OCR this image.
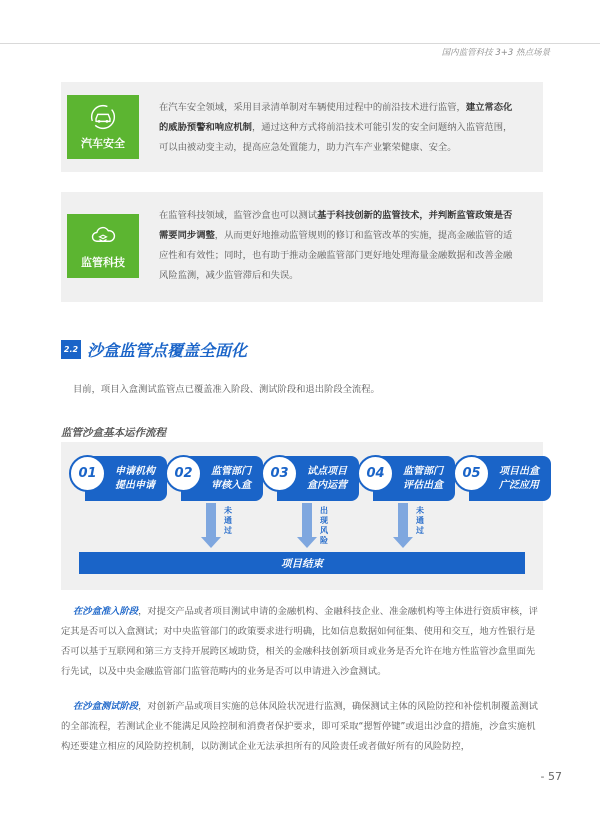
国内监管科技 3+3 热点场景
汽车安全
在汽车安全领域，采用目录清单制对车辆使用过程中的前沿技术进行监管，建立常态化
的威胁预警和响应机制，通过这种方式将前沿技术可能引发的安全问题纳入监管范围，
可以由被动变主动，提高应急处置能力，助力汽车产业繁荣健康、安全。
监管科技
在监管科技领域，监管沙盒也可以测试基于科技创新的监管技术，并判断监管政策是否
需要同步调整，从而更好地推动监管规则的修订和监管改革的实施，提高金融监管的适
应性和有效性；同时，也有助于推动金融监管部门更好地处理海量金融数据和改善金融
风险监测，减少监管滞后和失误。
2.2 沙盒监管点覆盖全面化
目前，项目入盒测试监管点已覆盖准入阶段、测试阶段和退出阶段全流程。
监管沙盒基本运作流程
01	申请机构
提出申请
02	监管部门
审核入盒
03	试点项目
盒内运营
04	监管部门
评估出盒
05	项目出盒
广泛应用
未通过
出现风险
未通过
项目结束
在沙盒准入阶段，对提交产品或者项目测试申请的金融机构、金融科技企业、准金融机构等主体进行资质审核，评定其是否可以入盒测试；对中央监管部门的政策要求进行明确，比如信息数据如何征集、使用和交互，地方性银行是否可以基于互联网和第三方支持开展跨区域助贷，相关的金融科技创新项目或业务是否允许在地方性监管沙盒里面先行先试，以及中央金融监管部门监管范畴内的业务是否可以申请进入沙盒测试。
在沙盒测试阶段，对创新产品或项目实施的总体风险状况进行监测，确保测试主体的风险防控和补偿机制覆盖测试的全部流程，若测试企业不能满足风险控制和消费者保护要求，即可采取“摁暂停键”或退出沙盒的措施，沙盒实施机构还要建立相应的风险防控机制，以防测试企业无法承担所有的风险责任或者做好所有的风险防控，
- 57
